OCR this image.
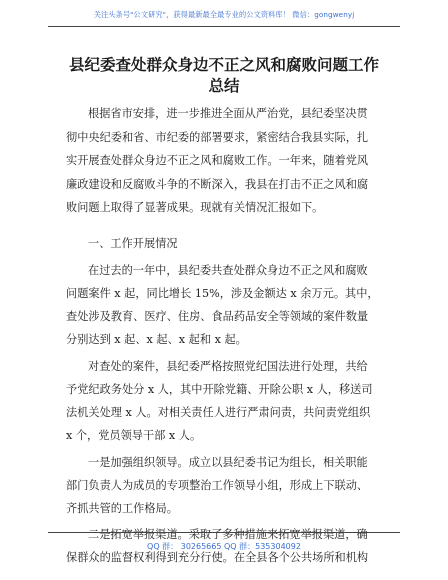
关注头条号"公文研究"，获得最新最全最专业的公文资料库！ 微信：gongwenyj
县纪委查处群众身边不正之风和腐败问题工作
总结
根据省市安排，进一步推进全面从严治党，县纪委坚决贯
彻中央纪委和省、市纪委的部署要求，紧密结合我县实际，扎
实开展查处群众身边不正之风和腐败工作。一年来，随着党风
廉政建设和反腐败斗争的不断深入，我县在打击不正之风和腐
败问题上取得了显著成果。现就有关情况汇报如下。
一、工作开展情况
在过去的一年中，县纪委共查处群众身边不正之风和腐败
问题案件 x 起，同比增长 15%，涉及金额达 x 余万元。其中，
查处涉及教育、医疗、住房、食品药品安全等领域的案件数量
分别达到 x 起、x 起、x 起和 x 起。
对查处的案件，县纪委严格按照党纪国法进行处理，共给
予党纪政务处分 x 人，其中开除党籍、开除公职 x 人，移送司
法机关处理 x 人。对相关责任人进行严肃问责，共问责党组织
x 个，党员领导干部 x 人。
一是加强组织领导。成立以县纪委书记为组长，相关职能
部门负责人为成员的专项整治工作领导小组，形成上下联动、
齐抓共管的工作格局。
二是拓宽举报渠道。采取了多种措施来拓宽举报渠道，确
保群众的监督权利得到充分行使。在全县各个公共场所和机构
QQ 群： 30265665 QQ 群：535304092
